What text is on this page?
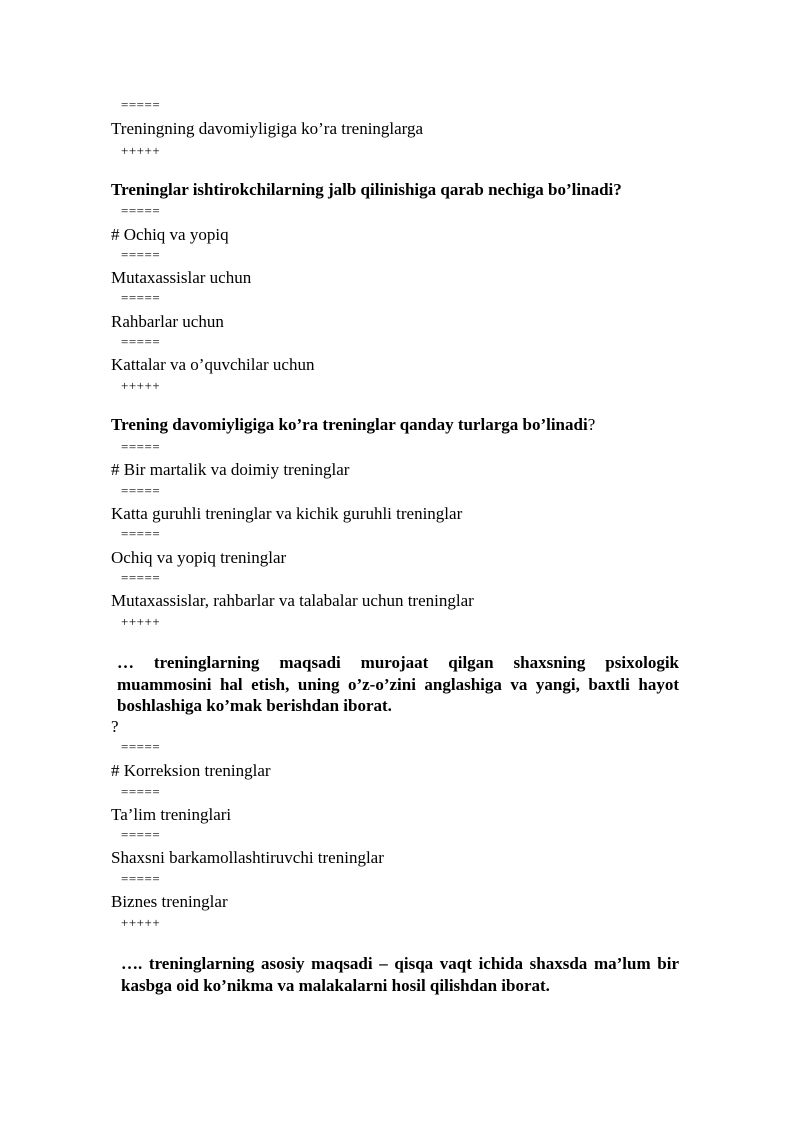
=====
Treningning davomiyligiga ko’ra treninglarga
+++++
Treninglar ishtirokchilarning jalb qilinishiga qarab nechiga bo’linadi?
=====
# Ochiq va yopiq
=====
Mutaxassislar uchun
=====
Rahbarlar uchun
=====
Kattalar va o’quvchilar uchun
+++++
Trening davomiyligiga ko’ra treninglar qanday turlarga bo’linadi?
=====
# Bir martalik va doimiy treninglar
=====
Katta guruhli treninglar va kichik guruhli treninglar
=====
Ochiq va yopiq treninglar
=====
Mutaxassislar, rahbarlar va talabalar uchun treninglar
+++++
… treninglarning maqsadi murojaat qilgan shaxsning psixologik muammosini hal etish, uning o’z-o’zini anglashiga va yangi, baxtli hayot boshlashiga ko’mak berishdan iborat.
?
=====
# Korreksion treninglar
=====
Ta’lim treninglari
=====
Shaxsni barkamollashtiruvchi treninglar
=====
Biznes treninglar
+++++
…. treninglarning asosiy maqsadi – qisqa vaqt ichida shaxsda ma’lum bir kasbga oid ko’nikma va malakalarni hosil qilishdan iborat.
